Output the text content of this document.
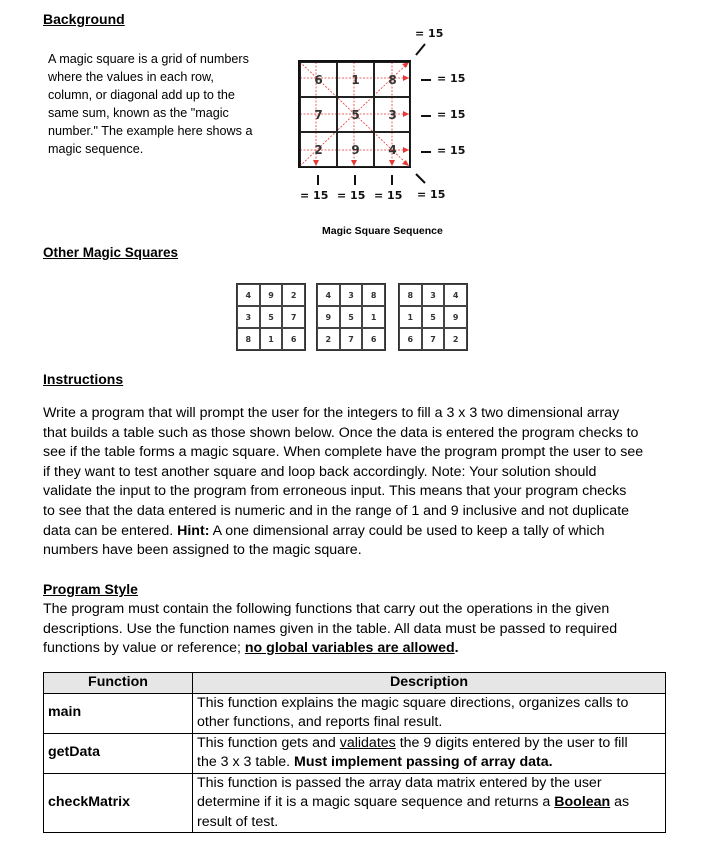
Background
A magic square is a grid of numbers
where the values in each row,
column, or diagonal add up to the
same sum, known as the "magic
number." The example here shows a
magic sequence.
6	1	8
7	5	3
2	9	4
= 15
= 15
= 15
= 15
= 15 = 15 = 15 = 15
Magic Square Sequence
Other Magic Squares
4	9	2
3	5	7
8	1	6
4	3	8
9	5	1
2	7	6
8	3	4
1	5	9
6	7	2
Instructions
Write a program that will prompt the user for the integers to fill a 3 x 3 two dimensional array
that builds a table such as those shown below. Once the data is entered the program checks to
see if the table forms a magic square. When complete have the program prompt the user to see
if they want to test another square and loop back accordingly. Note: Your solution should
validate the input to the program from erroneous input. This means that your program checks
to see that the data entered is numeric and in the range of 1 and 9 inclusive and not duplicate
data can be entered. Hint: A one dimensional array could be used to keep a tally of which
numbers have been assigned to the magic square.
Program Style
The program must contain the following functions that carry out the operations in the given
descriptions. Use the function names given in the table. All data must be passed to required
functions by value or reference; no global variables are allowed.
Function	Description
main	This function explains the magic square directions, organizes calls to
other functions, and reports final result.

getData	This function gets and validates the 9 digits entered by the user to fill
the 3 x 3 table. Must implement passing of array data.

checkMatrix	This function is passed the array data matrix entered by the user
determine if it is a magic square sequence and returns a Boolean as
result of test.
